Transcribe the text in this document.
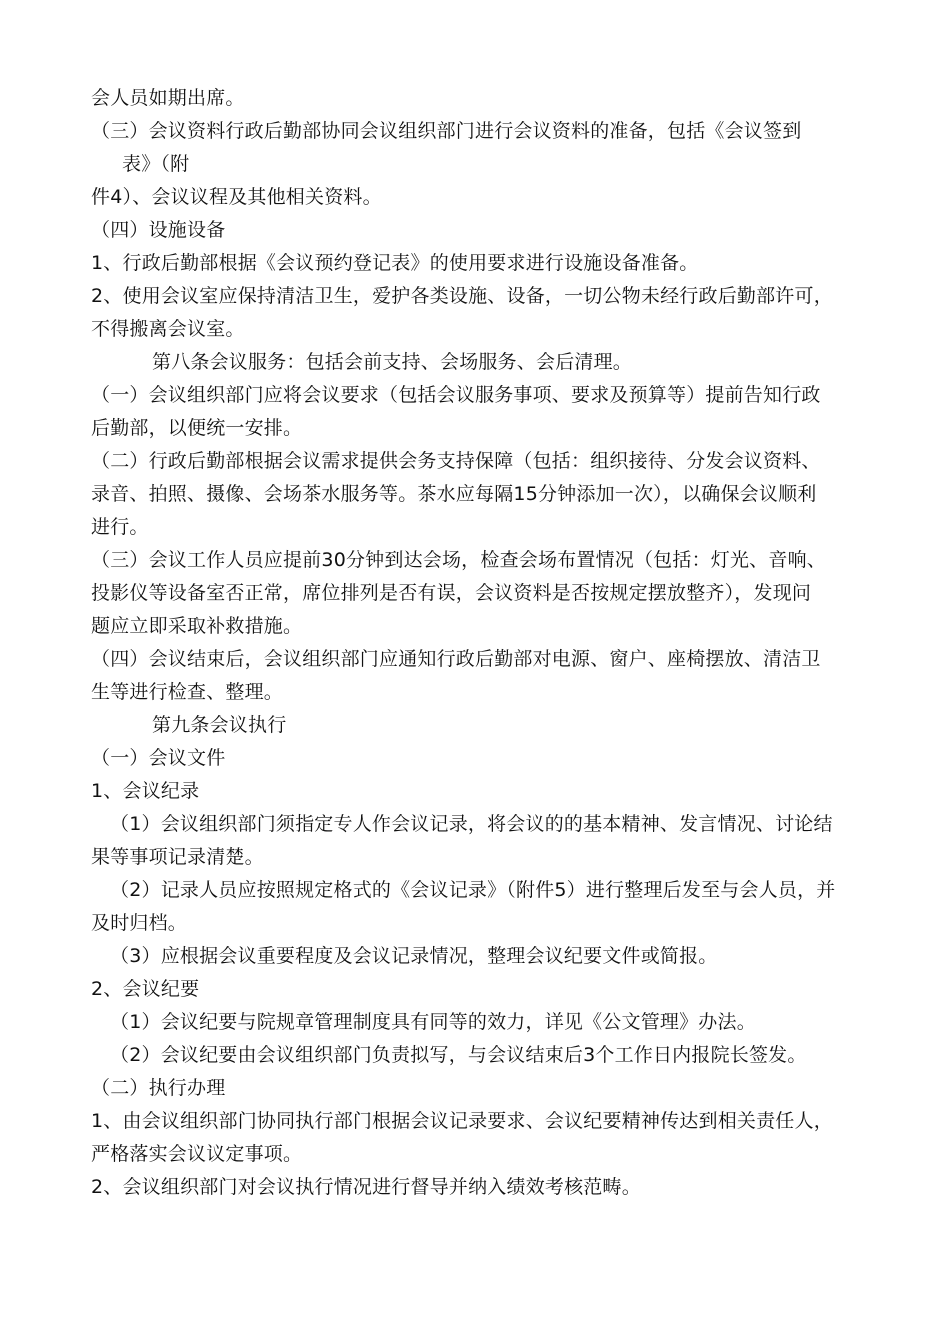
会人员如期出席。
（三）会议资料行政后勤部协同会议组织部门进行会议资料的准备，包括《会议签到
表》（附
件4）、会议议程及其他相关资料。
（四）设施设备
1、行政后勤部根据《会议预约登记表》的使用要求进行设施设备准备。
2、使用会议室应保持清洁卫生，爱护各类设施、设备，一切公物未经行政后勤部许可，
不得搬离会议室。
第八条会议服务：包括会前支持、会场服务、会后清理。
（一）会议组织部门应将会议要求（包括会议服务事项、要求及预算等）提前告知行政
后勤部，以便统一安排。
（二）行政后勤部根据会议需求提供会务支持保障（包括：组织接待、分发会议资料、
录音、拍照、摄像、会场茶水服务等。茶水应每隔15分钟添加一次），以确保会议顺利
进行。
（三）会议工作人员应提前30分钟到达会场，检查会场布置情况（包括：灯光、音响、
投影仪等设备室否正常，席位排列是否有误，会议资料是否按规定摆放整齐），发现问
题应立即采取补救措施。
（四）会议结束后，会议组织部门应通知行政后勤部对电源、窗户、座椅摆放、清洁卫
生等进行检查、整理。
第九条会议执行
（一）会议文件
1、会议纪录
（1）会议组织部门须指定专人作会议记录，将会议的的基本精神、发言情况、讨论结
果等事项记录清楚。
（2）记录人员应按照规定格式的《会议记录》（附件5）进行整理后发至与会人员，并
及时归档。
（3）应根据会议重要程度及会议记录情况，整理会议纪要文件或简报。
2、会议纪要
（1）会议纪要与院规章管理制度具有同等的效力，详见《公文管理》办法。
（2）会议纪要由会议组织部门负责拟写，与会议结束后3个工作日内报院长签发。
（二）执行办理
1、由会议组织部门协同执行部门根据会议记录要求、会议纪要精神传达到相关责任人，
严格落实会议议定事项。
2、会议组织部门对会议执行情况进行督导并纳入绩效考核范畴。
